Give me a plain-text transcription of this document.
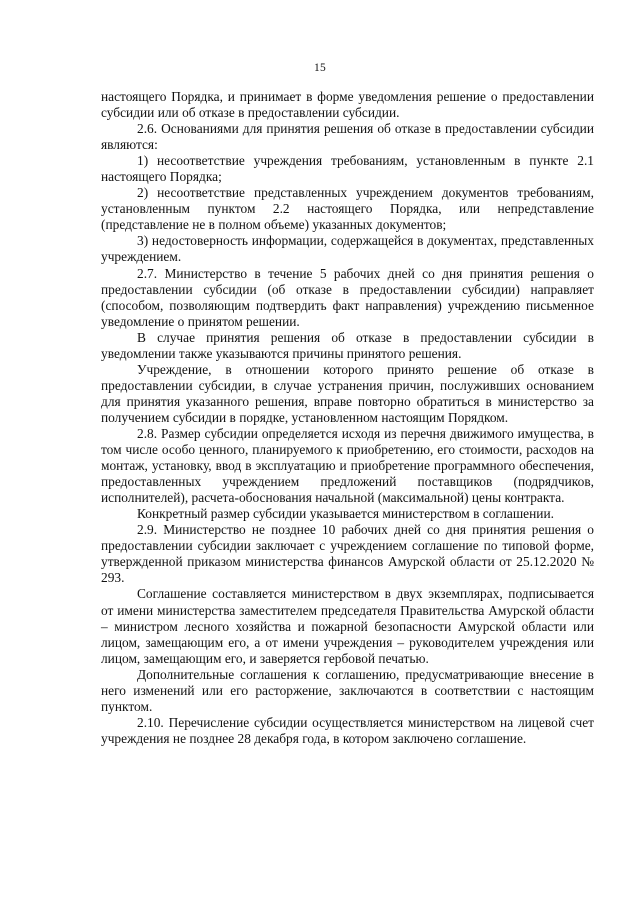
15

настоящего Порядка, и принимает в форме уведомления решение о предоставлении субсидии или об отказе в предоставлении субсидии.

2.6. Основаниями для принятия решения об отказе в предоставлении субсидии являются:

1) несоответствие учреждения требованиям, установленным в пункте 2.1 настоящего Порядка;

2) несоответствие представленных учреждением документов требованиям, установленным пунктом 2.2 настоящего Порядка, или непредставление (представление не в полном объеме) указанных документов;

3) недостоверность информации, содержащейся в документах, представленных учреждением.

2.7. Министерство в течение 5 рабочих дней со дня принятия решения о предоставлении субсидии (об отказе в предоставлении субсидии) направляет (способом, позволяющим подтвердить факт направления) учреждению письменное уведомление о принятом решении.

В случае принятия решения об отказе в предоставлении субсидии в уведомлении также указываются причины принятого решения.

Учреждение, в отношении которого принято решение об отказе в предоставлении субсидии, в случае устранения причин, послуживших основанием для принятия указанного решения, вправе повторно обратиться в министерство за получением субсидии в порядке, установленном настоящим Порядком.

2.8. Размер субсидии определяется исходя из перечня движимого имущества, в том числе особо ценного, планируемого к приобретению, его стоимости, расходов на монтаж, установку, ввод в эксплуатацию и приобретение программного обеспечения, предоставленных учреждением предложений поставщиков (подрядчиков, исполнителей), расчета-обоснования начальной (максимальной) цены контракта.

Конкретный размер субсидии указывается министерством в соглашении.

2.9. Министерство не позднее 10 рабочих дней со дня принятия решения о предоставлении субсидии заключает с учреждением соглашение по типовой форме, утвержденной приказом министерства финансов Амурской области от 25.12.2020 № 293.

Соглашение составляется министерством в двух экземплярах, подписывается от имени министерства заместителем председателя Правительства Амурской области – министром лесного хозяйства и пожарной безопасности Амурской области или лицом, замещающим его, а от имени учреждения – руководителем учреждения или лицом, замещающим его, и заверяется гербовой печатью.

Дополнительные соглашения к соглашению, предусматривающие внесение в него изменений или его расторжение, заключаются в соответствии с настоящим пунктом.

2.10. Перечисление субсидии осуществляется министерством на лицевой счет учреждения не позднее 28 декабря года, в котором заключено соглашение.
